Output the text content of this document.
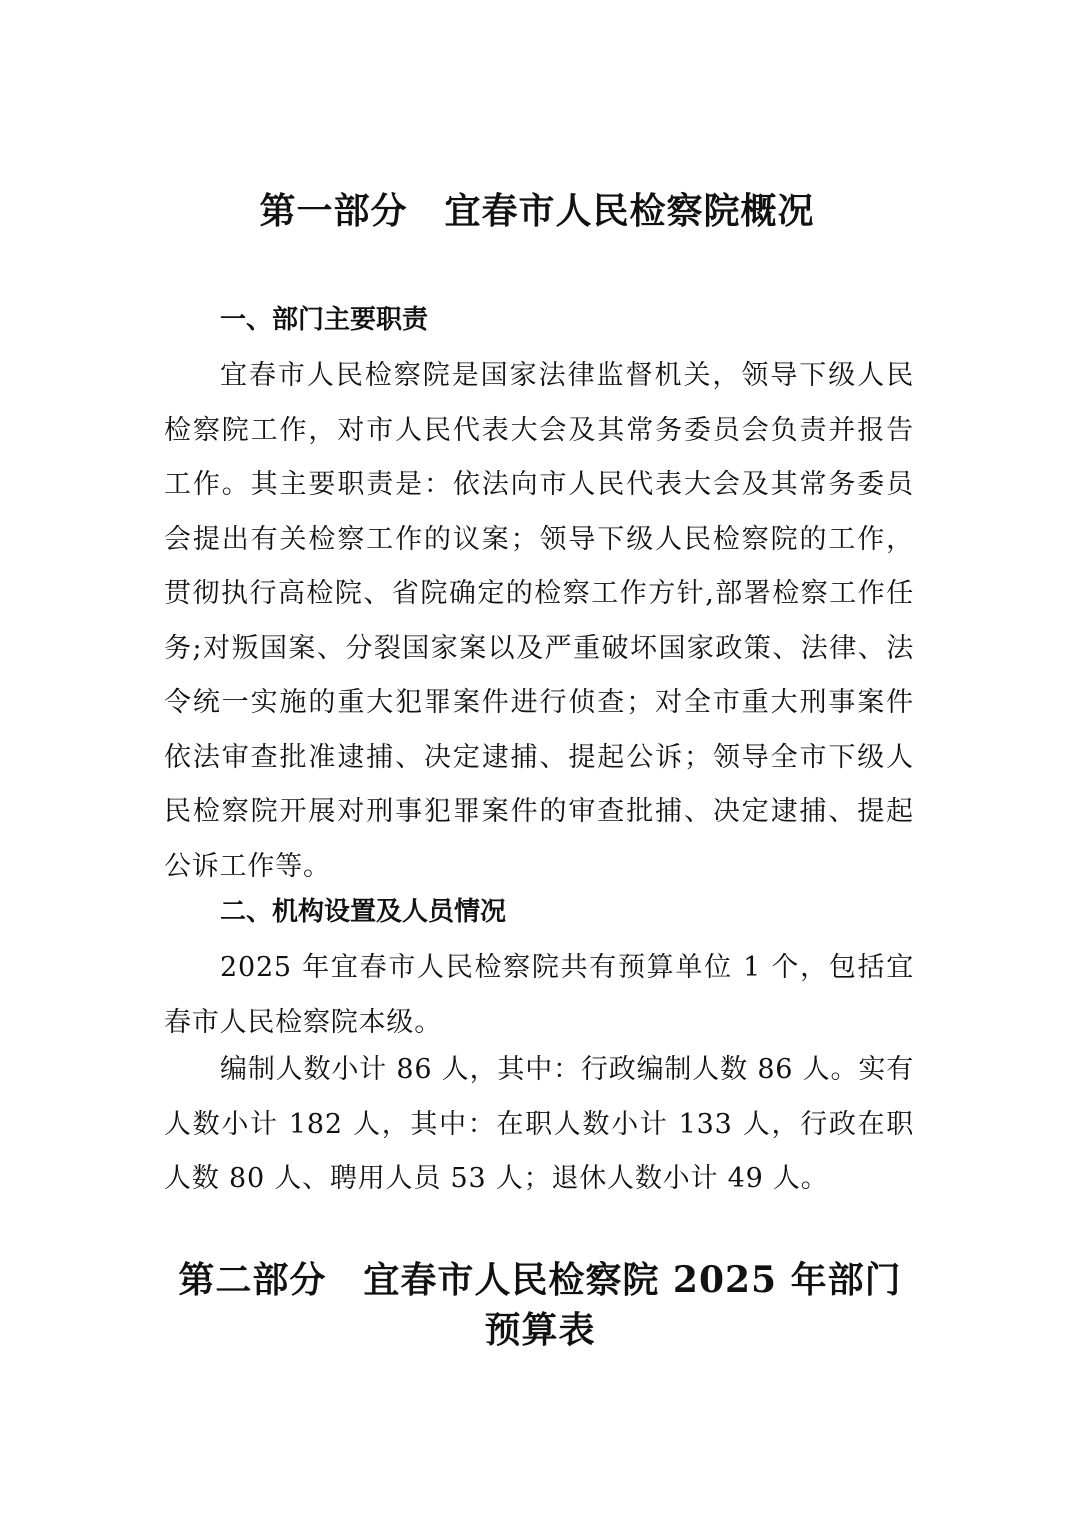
第一部分　宜春市人民检察院概况
一、部门主要职责
宜春市人民检察院是国家法律监督机关，领导下级人民检察院工作，对市人民代表大会及其常务委员会负责并报告工作。其主要职责是：依法向市人民代表大会及其常务委员会提出有关检察工作的议案；领导下级人民检察院的工作，贯彻执行高检院、省院确定的检察工作方针,部署检察工作任务;对叛国案、分裂国家案以及严重破坏国家政策、法律、法令统一实施的重大犯罪案件进行侦查；对全市重大刑事案件依法审查批准逮捕、决定逮捕、提起公诉；领导全市下级人民检察院开展对刑事犯罪案件的审查批捕、决定逮捕、提起公诉工作等。
二、机构设置及人员情况
2025 年宜春市人民检察院共有预算单位 1 个，包括宜春市人民检察院本级。
编制人数小计 86 人，其中：行政编制人数 86 人。实有人数小计 182 人，其中：在职人数小计 133 人，行政在职人数 80 人、聘用人员 53 人；退休人数小计 49 人。
第二部分　宜春市人民检察院 2025 年部门预算表
